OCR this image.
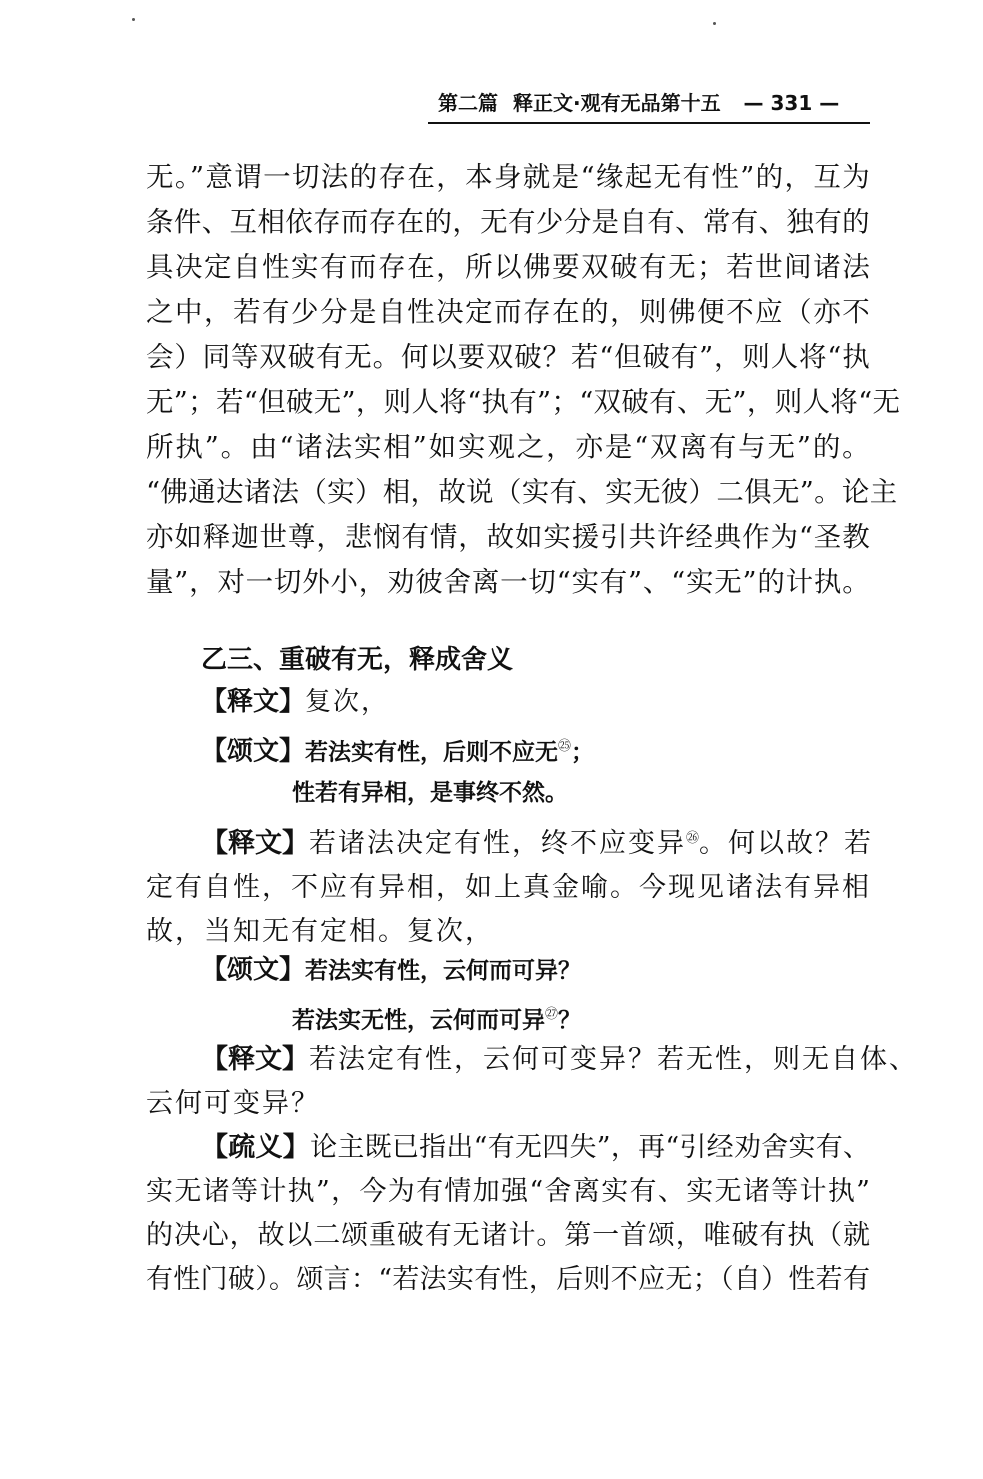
第二篇 释正文·观有无品第十五 — 331 —
无。”意谓一切法的存在，本身就是“缘起无有性”的，互为
条件、互相依存而存在的，无有少分是自有、常有、独有的
具决定自性实有而存在，所以佛要双破有无；若世间诸法
之中，若有少分是自性决定而存在的，则佛便不应（亦不
会）同等双破有无。何以要双破？若“但破有”，则人将“执
无”；若“但破无”，则人将“执有”；“双破有、无”，则人将“无
所执”。由“诸法实相”如实观之，亦是“双离有与无”的。
“佛通达诸法（实）相，故说（实有、实无彼）二俱无”。论主
亦如释迦世尊，悲悯有情，故如实援引共许经典作为“圣教
量”，对一切外小，劝彼舍离一切“实有”、“实无”的计执。
乙三、重破有无，释成舍义
【释文】复次，
【颂文】若法实有性，后则不应无$^㉕$；
性若有异相，是事终不然。
【释文】若诸法决定有性，终不应变异$^㉖$。何以故？若
定有自性，不应有异相，如上真金喻。今现见诸法有异相
故，当知无有定相。复次，
【颂文】若法实有性，云何而可异？
若法实无性，云何而可异$^㉗$？
【释文】若法定有性，云何可变异？若无性，则无自体、
云何可变异？
【疏义】论主既已指出“有无四失”，再“引经劝舍实有、
实无诸等计执”，今为有情加强“舍离实有、实无诸等计执”
的决心，故以二颂重破有无诸计。第一首颂，唯破有执（就
有性门破）。颂言：“若法实有性，后则不应无；（自）性若有
